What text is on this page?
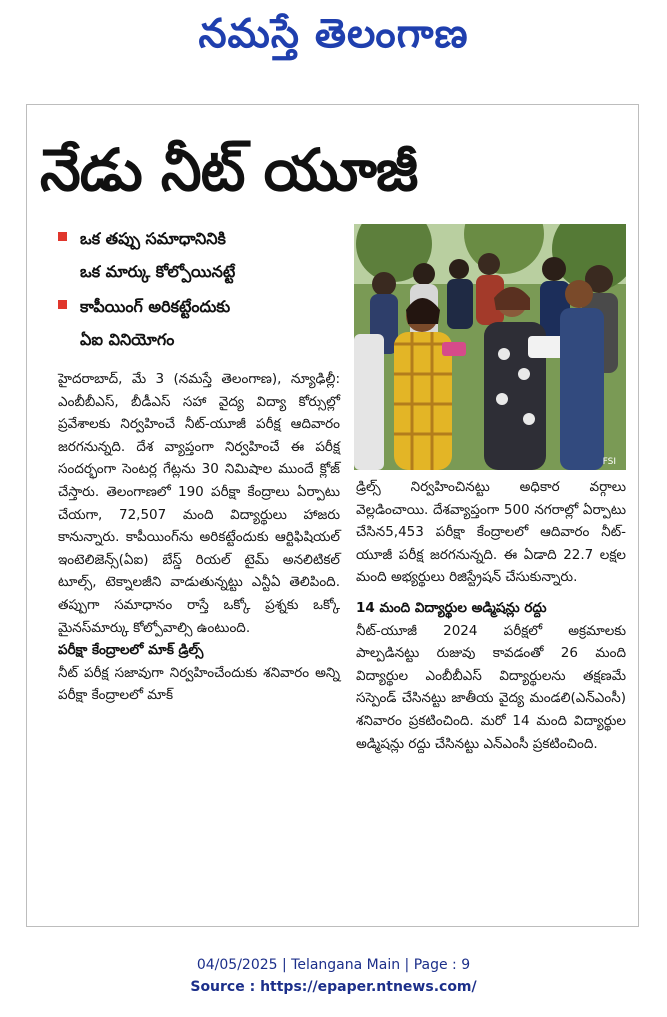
నమస్తే తెలంగాణ
నేడు నీట్ యూజీ
ఒక తప్పు సమాధానినికి
ఒక మార్కు కోల్పోయినట్టే
కాపీయింగ్ అరికట్టేందుకు
ఏఐ వినియోగం
FSI

హైదరాబాద్, మే 3 (నమస్తే తెలంగాణ), న్యూఢిల్లీ: ఎంబీబీఎస్, బీడీఎస్ సహా వైద్య విద్యా కోర్సుల్లో ప్రవేశాలకు నిర్వహించే నీట్-యూజీ పరీక్ష ఆదివారం జరగనున్నది. దేశ వ్యాప్తంగా నిర్వహించే ఈ పరీక్ష సందర్భంగా సెంటర్ల గేట్లను 30 నిమిషాల ముందే క్లోజ్ చేస్తారు. తెలంగాణలో 190 పరీక్షా కేంద్రాలు ఏర్పాటు చేయగా, 72,507 మంది విద్యార్థులు హాజరు కానున్నారు. కాపీయింగ్‌ను అరికట్టేందుకు ఆర్టిఫిషియల్ ఇంటెలిజెన్స్(ఏఐ) బేస్డ్ రియల్ టైమ్ అనలిటికల్ టూల్స్, టెక్నాలజీని వాడుతున్నట్టు ఎన్టీఏ తెలిపింది. తప్పుగా సమాధానం రాస్తే ఒక్కో ప్రశ్నకు ఒక్కో మైనస్‌మార్కు కోల్పోవాల్సి ఉంటుంది.

పరీక్షా కేంద్రాలలో మాక్ డ్రిల్స్

నీట్ పరీక్ష సజావుగా నిర్వహించేందుకు శనివారం అన్ని పరీక్షా కేంద్రాలలో మాక్

డ్రిల్స్ నిర్వహించినట్టు అధికార వర్గాలు వెల్లడించాయి. దేశవ్యాప్తంగా 500 నగరాల్లో ఏర్పాటు చేసిన5,453 పరీక్షా కేంద్రాలలో ఆదివారం నీట్-యూజీ పరీక్ష జరగనున్నది. ఈ ఏడాది 22.7 లక్షల మంది అభ్యర్థులు రిజిస్ట్రేషన్ చేసుకున్నారు.

14 మంది విద్యార్థుల అడ్మిషన్లు రద్దు

నీట్-యూజీ 2024 పరీక్షలో అక్రమాలకు పాల్పడినట్టు రుజువు కావడంతో 26 మంది విద్యార్థుల ఎంబీబీఎస్ విద్యార్థులను తక్షణమే సస్పెండ్ చేసినట్టు జాతీయ వైద్య మండలి(ఎన్ఎంసీ) శనివారం ప్రకటించింది. మరో 14 మంది విద్యార్థుల అడ్మిషన్లు రద్దు చేసినట్టు ఎన్ఎంసీ ప్రకటించింది.

04/05/2025 | Telangana Main | Page : 9
Source : https://epaper.ntnews.com/
